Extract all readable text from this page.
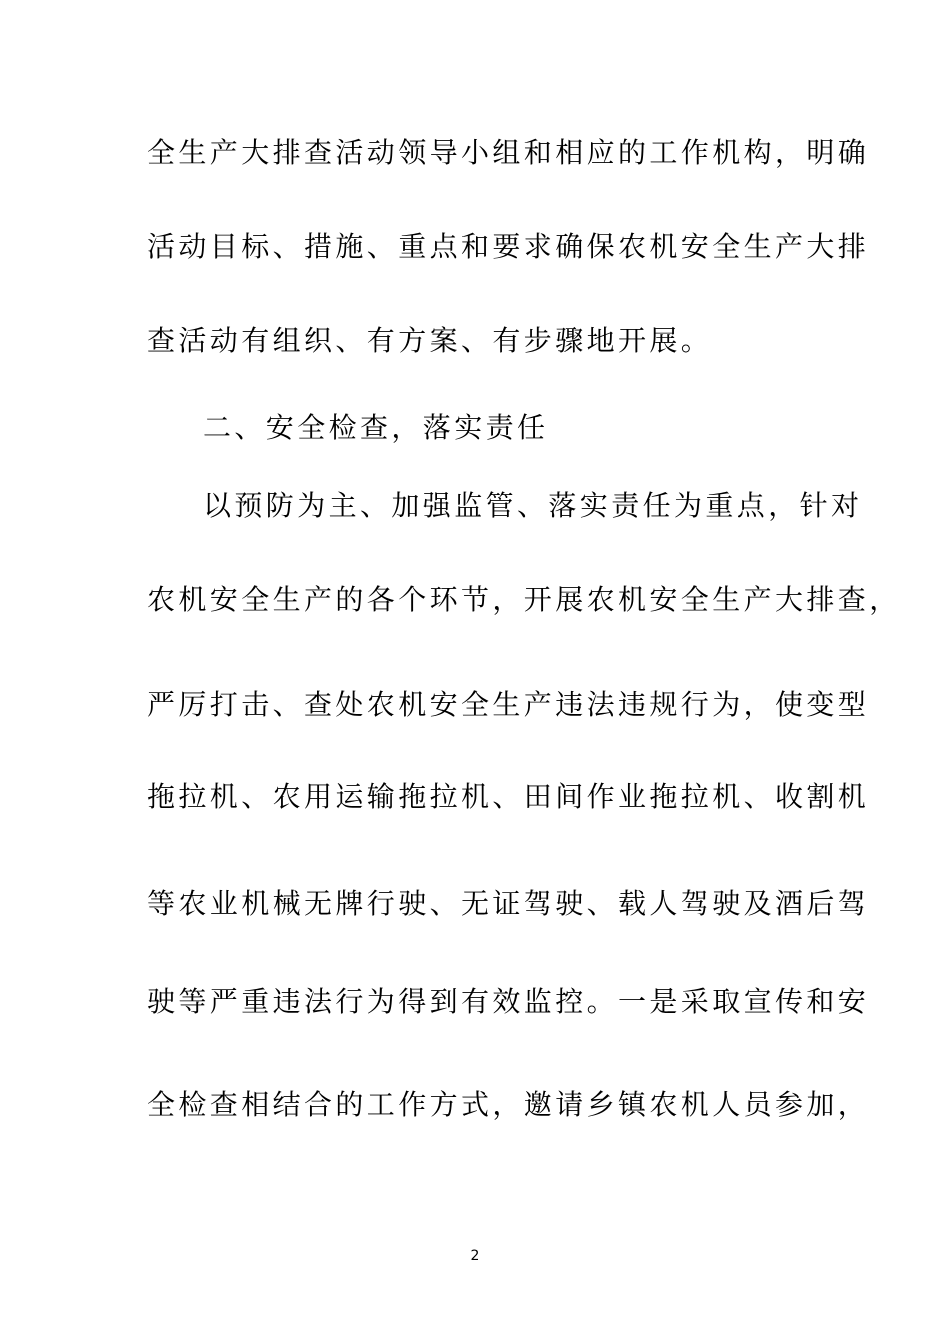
全生产大排查活动领导小组和相应的工作机构，明确
活动目标、措施、重点和要求确保农机安全生产大排
查活动有组织、有方案、有步骤地开展。
二、安全检查，落实责任
以预防为主、加强监管、落实责任为重点，针对
农机安全生产的各个环节，开展农机安全生产大排查，
严厉打击、查处农机安全生产违法违规行为，使变型
拖拉机、农用运输拖拉机、田间作业拖拉机、收割机
等农业机械无牌行驶、无证驾驶、载人驾驶及酒后驾
驶等严重违法行为得到有效监控。一是采取宣传和安
全检查相结合的工作方式，邀请乡镇农机人员参加，
2
